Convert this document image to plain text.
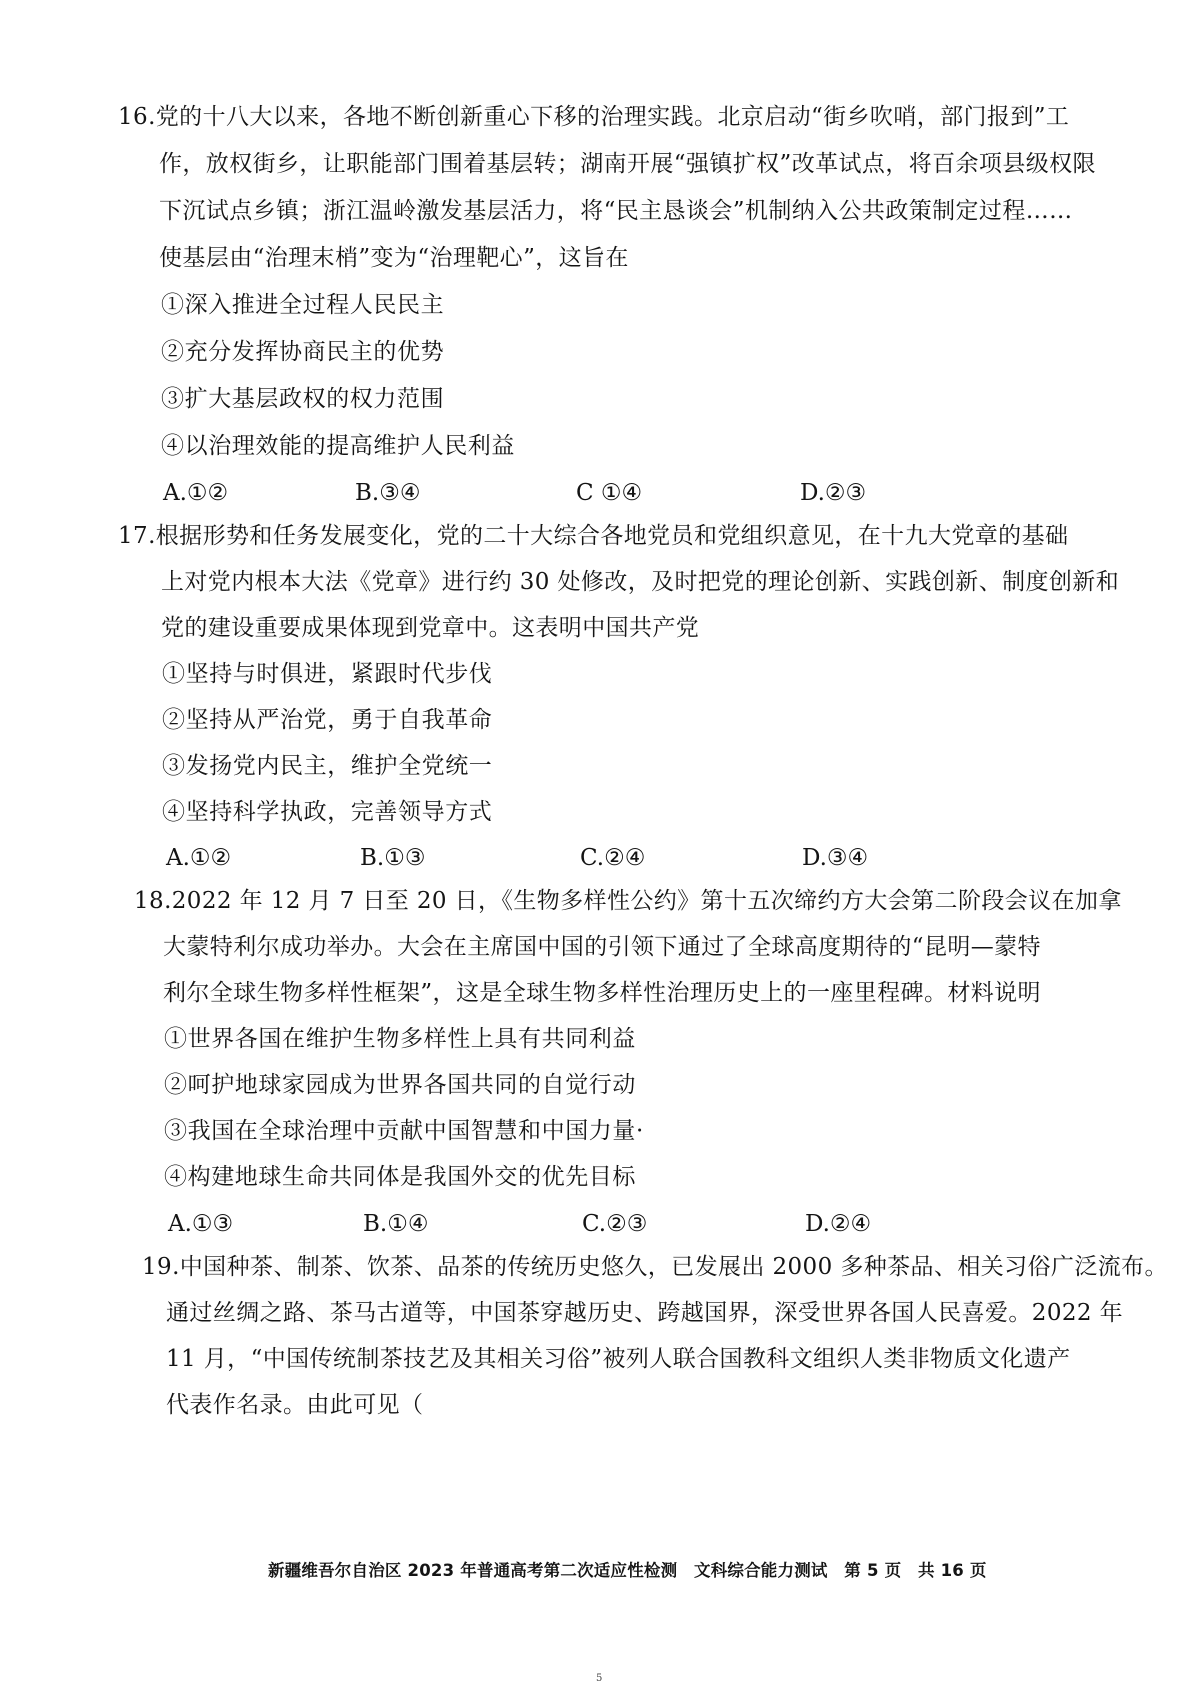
16.党的十八大以来，各地不断创新重心下移的治理实践。北京启动“街乡吹哨，部门报到”工
作，放权街乡，让职能部门围着基层转；湖南开展“强镇扩权”改革试点，将百余项县级权限
下沉试点乡镇；浙江温岭激发基层活力，将“民主恳谈会”机制纳入公共政策制定过程……
使基层由“治理末梢”变为“治理靶心”，这旨在
①深入推进全过程人民民主
②充分发挥协商民主的优势
③扩大基层政权的权力范围
④以治理效能的提高维护人民利益
A.①②	B.③④	C ①④	D.②③
17.根据形势和任务发展变化，党的二十大综合各地党员和党组织意见，在十九大党章的基础
上对党内根本大法《党章》进行约 30 处修改，及时把党的理论创新、实践创新、制度创新和
党的建设重要成果体现到党章中。这表明中国共产党
①坚持与时俱进，紧跟时代步伐
②坚持从严治党，勇于自我革命
③发扬党内民主，维护全党统一
④坚持科学执政，完善领导方式
A.①②	B.①③	C.②④	D.③④
18.2022 年 12 月 7 日至 20 日，《生物多样性公约》第十五次缔约方大会第二阶段会议在加拿
大蒙特利尔成功举办。大会在主席国中国的引领下通过了全球高度期待的“昆明—蒙特
利尔全球生物多样性框架”，这是全球生物多样性治理历史上的一座里程碑。材料说明
①世界各国在维护生物多样性上具有共同利益
②呵护地球家园成为世界各国共同的自觉行动
③我国在全球治理中贡献中国智慧和中国力量·
④构建地球生命共同体是我国外交的优先目标
A.①③	B.①④	C.②③	D.②④
19.中国种茶、制茶、饮茶、品茶的传统历史悠久，已发展出 2000 多种茶品、相关习俗广泛流布。
通过丝绸之路、茶马古道等，中国茶穿越历史、跨越国界，深受世界各国人民喜爱。2022 年
11 月，“中国传统制茶技艺及其相关习俗”被列人联合国教科文组织人类非物质文化遗产
代表作名录。由此可见（
新疆维吾尔自治区 2023 年普通高考第二次适应性检测　文科综合能力测试　第 5 页　共 16 页
5
